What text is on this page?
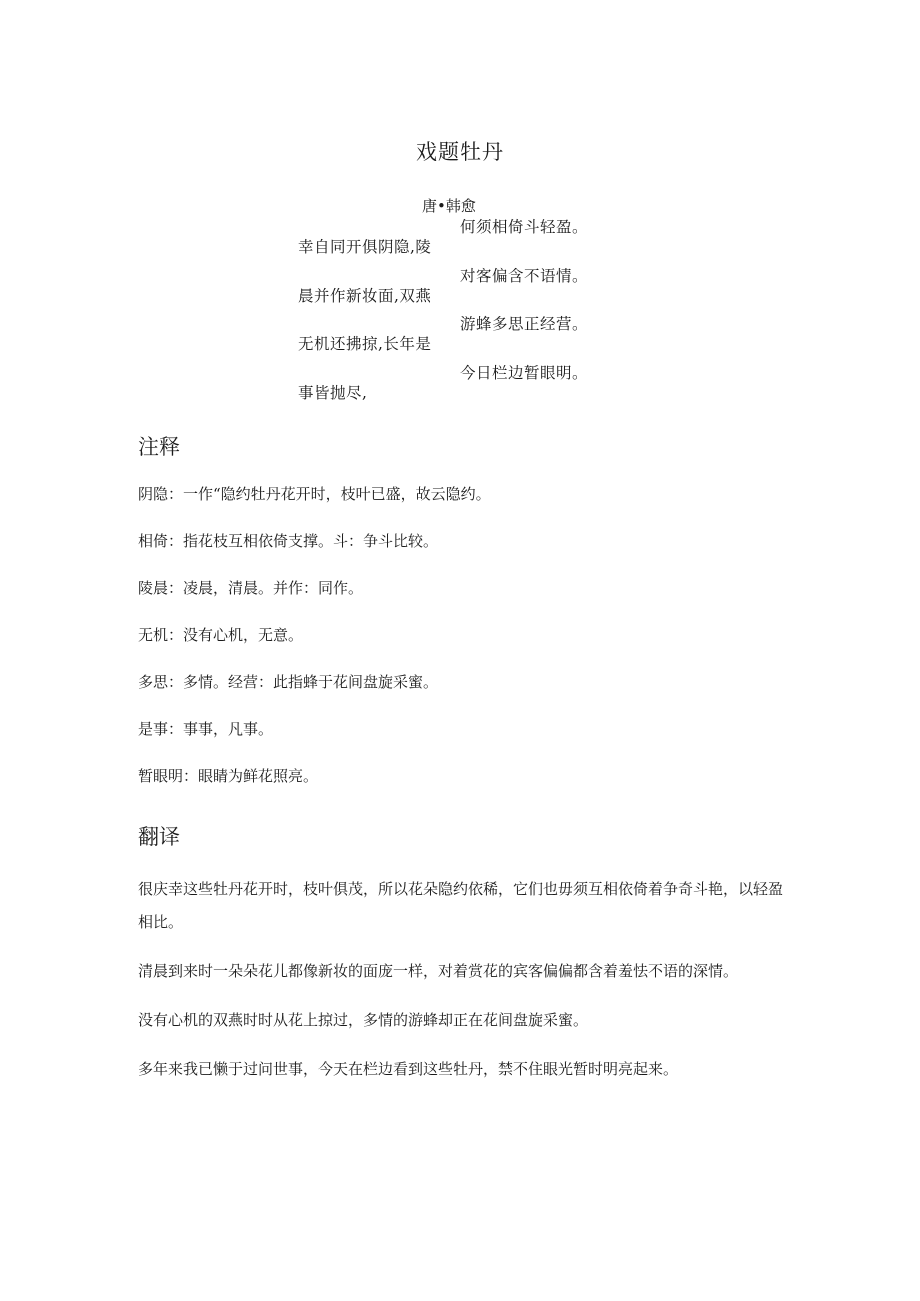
戏题牡丹
唐•韩愈
幸自同开俱阴隐,陵
晨并作新妆面,双燕
无机还拂掠,长年是
事皆抛尽,
何须相倚斗轻盈。
对客偏含不语情。
游蜂多思正经营。
今日栏边暂眼明。
注释
阴隐：一作“隐约牡丹花开时，枝叶已盛，故云隐约。
相倚：指花枝互相依倚支撑。斗：争斗比较。
陵晨：凌晨，清晨。并作：同作。
无机：没有心机，无意。
多思：多情。经营：此指蜂于花间盘旋采蜜。
是事：事事，凡事。
暂眼明：眼睛为鲜花照亮。
翻译

很庆幸这些牡丹花开时，枝叶俱茂，所以花朵隐约依稀，它们也毋须互相依倚着争奇斗艳，以轻盈相比。

清晨到来时一朵朵花儿都像新妆的面庞一样，对着赏花的宾客偏偏都含着羞怯不语的深情。

没有心机的双燕时时从花上掠过，多情的游蜂却正在花间盘旋采蜜。

多年来我已懒于过问世事，今天在栏边看到这些牡丹，禁不住眼光暂时明亮起来。
